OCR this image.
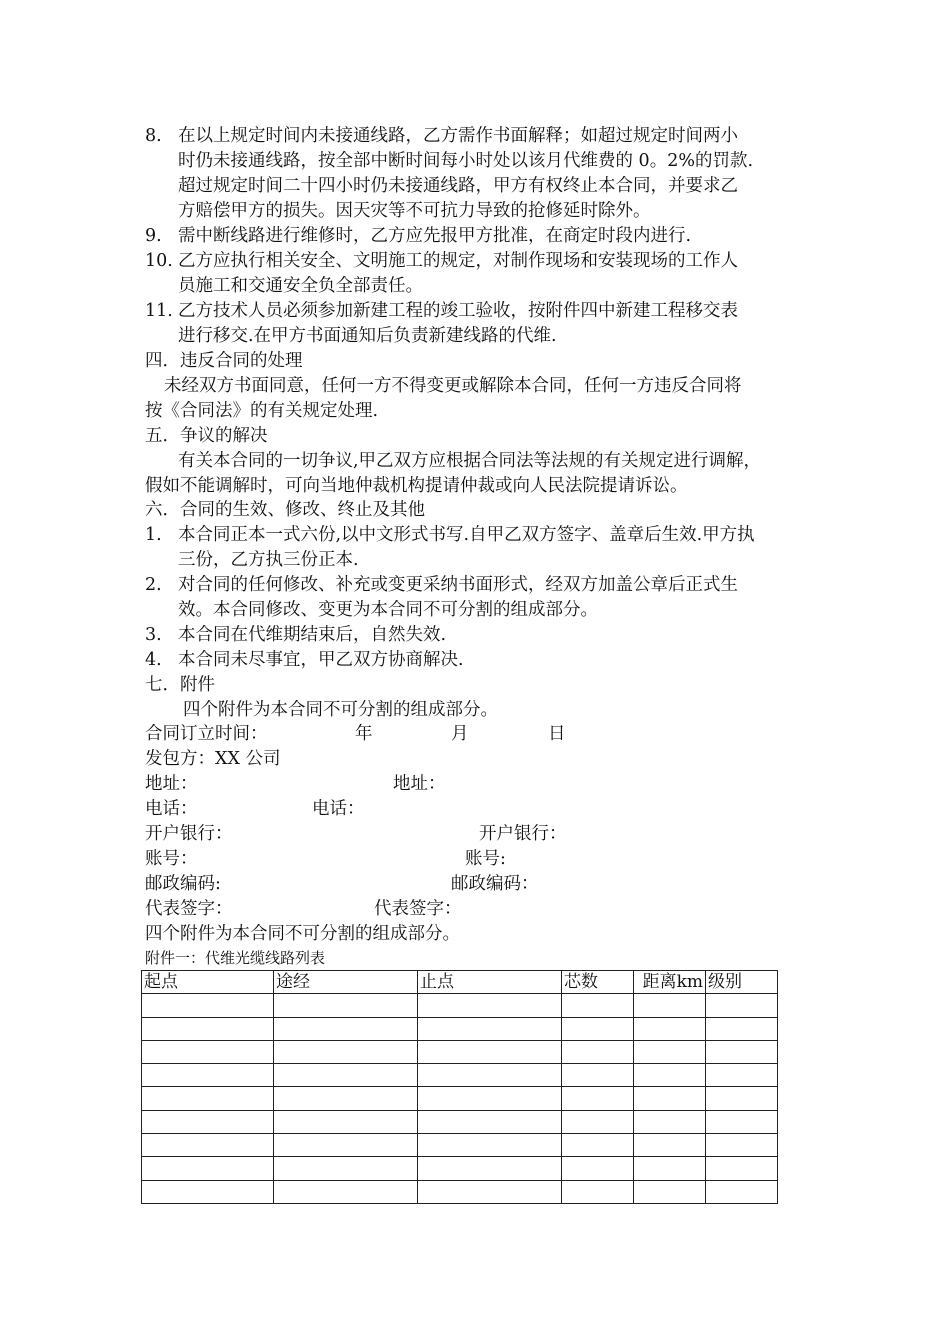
8. 在以上规定时间内未接通线路，乙方需作书面解释；如超过规定时间两小
时仍未接通线路，按全部中断时间每小时处以该月代维费的 0。2%的罚款.
超过规定时间二十四小时仍未接通线路，甲方有权终止本合同，并要求乙
方赔偿甲方的损失。因天灾等不可抗力导致的抢修延时除外。
9. 需中断线路进行维修时，乙方应先报甲方批准，在商定时段内进行.
10. 乙方应执行相关安全、文明施工的规定，对制作现场和安装现场的工作人
员施工和交通安全负全部责任。
11. 乙方技术人员必须参加新建工程的竣工验收，按附件四中新建工程移交表
进行移交.在甲方书面通知后负责新建线路的代维.
四．违反合同的处理
未经双方书面同意，任何一方不得变更或解除本合同，任何一方违反合同将
按《合同法》的有关规定处理.
五．争议的解决
有关本合同的一切争议,甲乙双方应根据合同法等法规的有关规定进行调解，
假如不能调解时，可向当地仲裁机构提请仲裁或向人民法院提请诉讼。
六．合同的生效、修改、终止及其他
1. 本合同正本一式六份,以中文形式书写.自甲乙双方签字、盖章后生效.甲方执
三份，乙方执三份正本.
2. 对合同的任何修改、补充或变更采纳书面形式，经双方加盖公章后正式生
效。本合同修改、变更为本合同不可分割的组成部分。
3. 本合同在代维期结束后，自然失效.
4. 本合同未尽事宜，甲乙双方协商解决.
七．附件
四个附件为本合同不可分割的组成部分。
合同订立时间：	年	月	日
发包方：XX 公司
地址：	地址：
电话：	电话：
开户银行：	开户银行：
账号：	账号:
邮政编码:	邮政编码：
代表签字：	代表签字：
四个附件为本合同不可分割的组成部分。
附件一：代维光缆线路列表
起点	途经	止点	芯数	距离km	级别
